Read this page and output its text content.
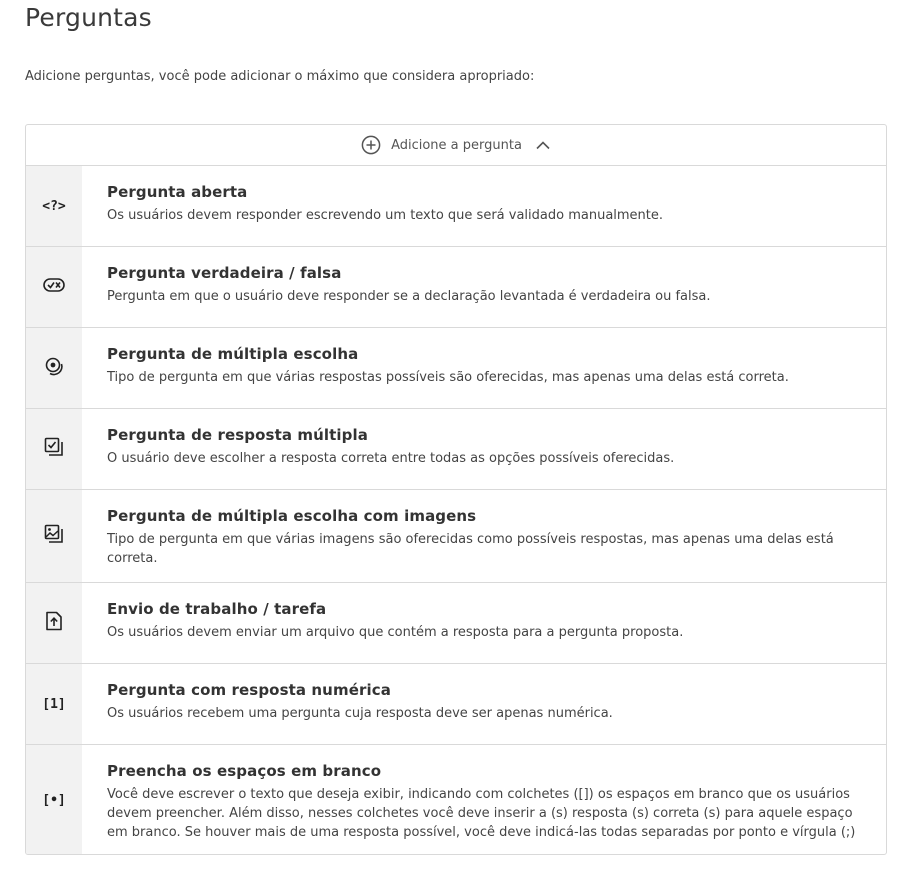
Perguntas

Adicione perguntas, você pode adicionar o máximo que considera apropriado:

Adicione a pergunta
<?>
Pergunta aberta
Os usuários devem responder escrevendo um texto que será validado manualmente.
Pergunta verdadeira / falsa
Pergunta em que o usuário deve responder se a declaração levantada é verdadeira ou falsa.
Pergunta de múltipla escolha
Tipo de pergunta em que várias respostas possíveis são oferecidas, mas apenas uma delas está correta.
Pergunta de resposta múltipla
O usuário deve escolher a resposta correta entre todas as opções possíveis oferecidas.
Pergunta de múltipla escolha com imagens
Tipo de pergunta em que várias imagens são oferecidas como possíveis respostas, mas apenas uma delas está correta.
Envio de trabalho / tarefa
Os usuários devem enviar um arquivo que contém a resposta para a pergunta proposta.
[1]
Pergunta com resposta numérica
Os usuários recebem uma pergunta cuja resposta deve ser apenas numérica.
[•]
Preencha os espaços em branco
Você deve escrever o texto que deseja exibir, indicando com colchetes ([]) os espaços em branco que os usuários devem preencher. Além disso, nesses colchetes você deve inserir a (s) resposta (s) correta (s) para aquele espaço em branco. Se houver mais de uma resposta possível, você deve indicá-las todas separadas por ponto e vírgula (;)
